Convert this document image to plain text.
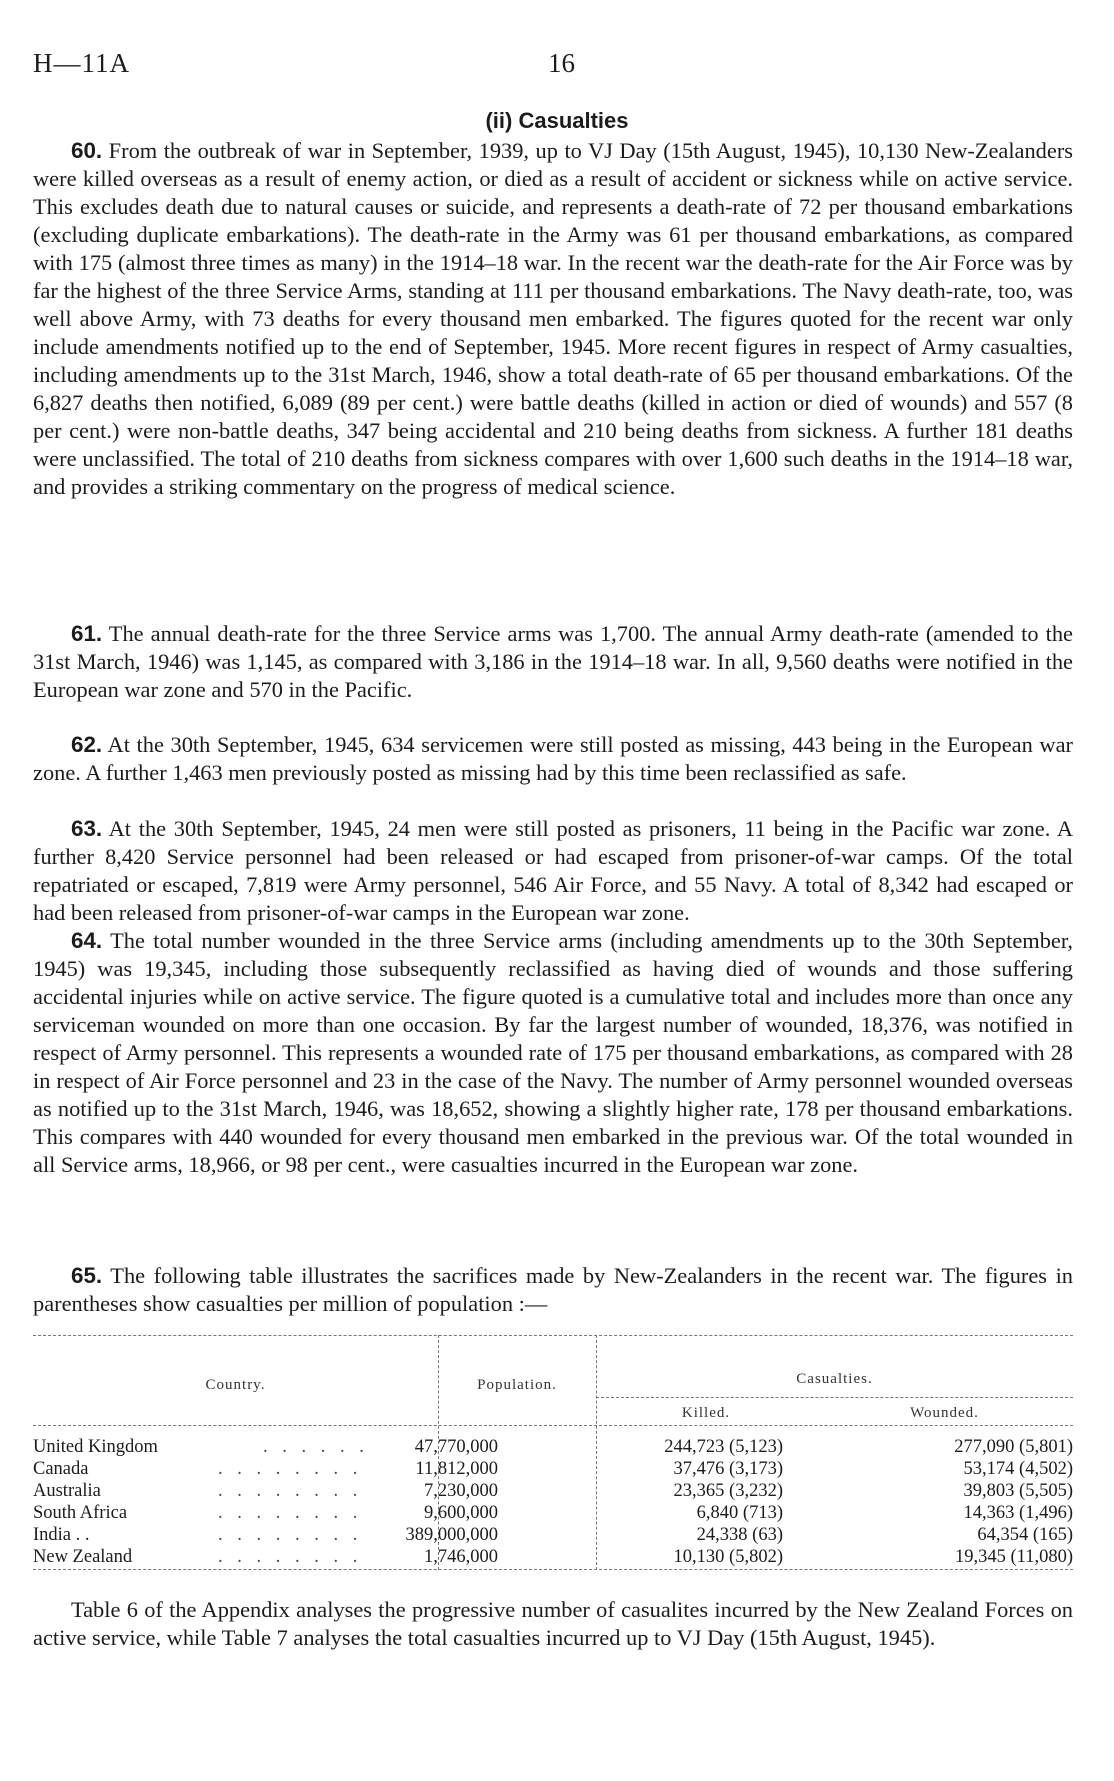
H—11A	16
(ii) Casualties

60. From the outbreak of war in September, 1939, up to VJ Day (15th August, 1945), 10,130 New-Zealanders were killed overseas as a result of enemy action, or died as a result of accident or sickness while on active service. This excludes death due to natural causes or suicide, and represents a death-rate of 72 per thousand embarkations (excluding duplicate embarkations). The death-rate in the Army was 61 per thousand embarkations, as compared with 175 (almost three times as many) in the 1914–18 war. In the recent war the death-rate for the Air Force was by far the highest of the three Service Arms, standing at 111 per thousand embarkations. The Navy death-rate, too, was well above Army, with 73 deaths for every thousand men embarked. The figures quoted for the recent war only include amendments notified up to the end of September, 1945. More recent figures in respect of Army casualties, including amendments up to the 31st March, 1946, show a total death-rate of 65 per thousand embarkations. Of the 6,827 deaths then notified, 6,089 (89 per cent.) were battle deaths (killed in action or died of wounds) and 557 (8 per cent.) were non-battle deaths, 347 being accidental and 210 being deaths from sickness. A further 181 deaths were unclassified. The total of 210 deaths from sickness compares with over 1,600 such deaths in the 1914–18 war, and provides a striking commentary on the progress of medical science.

61. The annual death-rate for the three Service arms was 1,700. The annual Army death-rate (amended to the 31st March, 1946) was 1,145, as compared with 3,186 in the 1914–18 war. In all, 9,560 deaths were notified in the European war zone and 570 in the Pacific.

62. At the 30th September, 1945, 634 servicemen were still posted as missing, 443 being in the European war zone. A further 1,463 men previously posted as missing had by this time been reclassified as safe.

63. At the 30th September, 1945, 24 men were still posted as prisoners, 11 being in the Pacific war zone. A further 8,420 Service personnel had been released or had escaped from prisoner-of-war camps. Of the total repatriated or escaped, 7,819 were Army personnel, 546 Air Force, and 55 Navy. A total of 8,342 had escaped or had been released from prisoner-of-war camps in the European war zone.

64. The total number wounded in the three Service arms (including amendments up to the 30th September, 1945) was 19,345, including those subsequently reclassified as having died of wounds and those suffering accidental injuries while on active service. The figure quoted is a cumulative total and includes more than once any serviceman wounded on more than one occasion. By far the largest number of wounded, 18,376, was notified in respect of Army personnel. This represents a wounded rate of 175 per thousand embarkations, as compared with 28 in respect of Air Force personnel and 23 in the case of the Navy. The number of Army personnel wounded overseas as notified up to the 31st March, 1946, was 18,652, showing a slightly higher rate, 178 per thousand embarkations. This compares with 440 wounded for every thousand men embarked in the previous war. Of the total wounded in all Service arms, 18,966, or 98 per cent., were casualties incurred in the European war zone.

65. The following table illustrates the sacrifices made by New-Zealanders in the recent war. The figures in parentheses show casualties per million of population :—

Country.	Population.	Casualties.
Killed.	Wounded.
United Kingdom	. . . . . . 47,770,000	244,723 (5,123)	277,090 (5,801)
Canada	. . . . . . . .	11,812,000	37,476 (3,173)	53,174 (4,502)
Australia	. . . . . . . .	7,230,000	23,365 (3,232)	39,803 (5,505)
South Africa	. . . . . . . .	9,600,000	6,840 (713)	14,363 (1,496)
India . .	. . . . . . . . 389,000,000	24,338 (63)	64,354 (165)
New Zealand	. . . . . . . .	1,746,000	10,130 (5,802)	19,345 (11,080)

Table 6 of the Appendix analyses the progressive number of casualites incurred by the New Zealand Forces on active service, while Table 7 analyses the total casualties incurred up to VJ Day (15th August, 1945).
